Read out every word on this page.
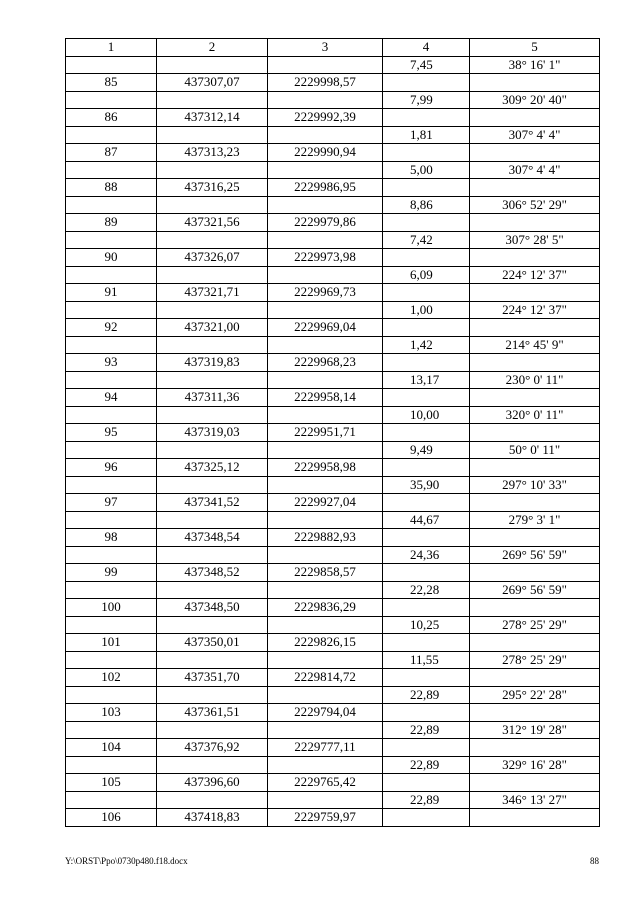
1	2	3	4	5
			7,45	38° 16' 1"
85	437307,07	2229998,57		
			7,99	309° 20' 40"
86	437312,14	2229992,39		
			1,81	307° 4' 4"
87	437313,23	2229990,94		
			5,00	307° 4' 4"
88	437316,25	2229986,95		
			8,86	306° 52' 29"
89	437321,56	2229979,86		
			7,42	307° 28' 5"
90	437326,07	2229973,98		
			6,09	224° 12' 37"
91	437321,71	2229969,73		
			1,00	224° 12' 37"
92	437321,00	2229969,04		
			1,42	214° 45' 9"
93	437319,83	2229968,23		
			13,17	230° 0' 11"
94	437311,36	2229958,14		
			10,00	320° 0' 11"
95	437319,03	2229951,71		
			9,49	50° 0' 11"
96	437325,12	2229958,98		
			35,90	297° 10' 33"
97	437341,52	2229927,04		
			44,67	279° 3' 1"
98	437348,54	2229882,93		
			24,36	269° 56' 59"
99	437348,52	2229858,57		
			22,28	269° 56' 59"
100	437348,50	2229836,29		
			10,25	278° 25' 29"
101	437350,01	2229826,15		
			11,55	278° 25' 29"
102	437351,70	2229814,72		
			22,89	295° 22' 28"
103	437361,51	2229794,04		
			22,89	312° 19' 28"
104	437376,92	2229777,11		
			22,89	329° 16' 28"
105	437396,60	2229765,42		
			22,89	346° 13' 27"
106	437418,83	2229759,97		
Y:\ORST\Ppo\0730p480.f18.docx	88
